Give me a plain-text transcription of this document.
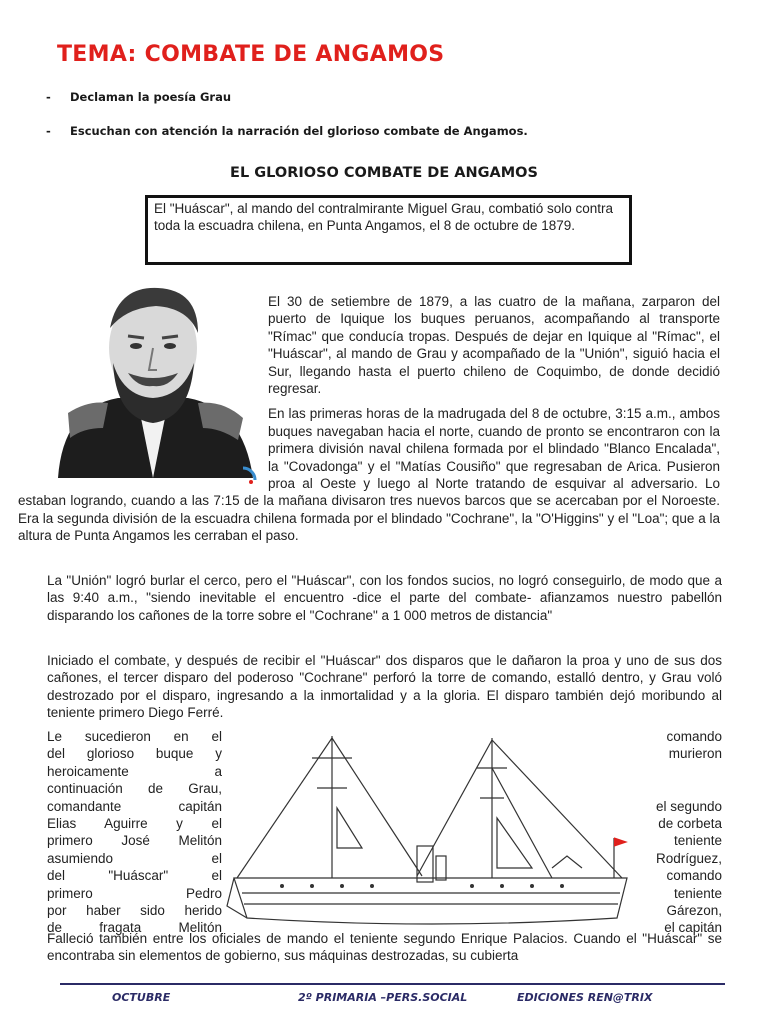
TEMA: COMBATE DE ANGAMOS
- Declaman la poesía Grau
- Escuchan con atención la narración del glorioso combate de Angamos.
EL GLORIOSO COMBATE DE ANGAMOS
El "Huáscar", al mando del contralmirante Miguel Grau, combatió solo contra toda la escuadra chilena, en Punta Angamos, el 8 de octubre de 1879.

El 30 de setiembre de 1879, a las cuatro de la mañana, zarparon del puerto de Iquique los buques peruanos, acompañando al transporte "Rímac" que conducía tropas. Después de dejar en Iquique al "Rímac", el "Huáscar", al mando de Grau y acompañado de la "Unión", siguió hacia el Sur, llegando hasta el puerto chileno de Coquimbo, de donde decidió regresar.

En las primeras horas de la madrugada del 8 de octubre, 3:15 a.m., ambos buques navegaban hacia el norte, cuando de pronto se encontraron con la primera división naval chilena formada por el blindado "Blanco Encalada", la "Covadonga" y el "Matías Cousiño" que regresaban de Arica. Pusieron proa al Oeste y luego al Norte tratando de esquivar al adversario. Lo estaban logrando, cuando a las 7:15 de la mañana divisaron tres nuevos barcos que se acercaban por el Noroeste. Era la segunda división de la escuadra chilena formada por el blindado "Cochrane", la "O'Higgins" y el "Loa"; que a la altura de Punta Angamos les cerraban el paso.

La "Unión" logró burlar el cerco, pero el "Huáscar", con los fondos sucios, no logró conseguirlo, de modo que a las 9:40 a.m., "siendo inevitable el encuentro -dice el parte del combate- afianzamos nuestro pabellón disparando los cañones de la torre sobre el "Cochrane" a 1 000 metros de distancia"

Iniciado el combate, y después de recibir el "Huáscar" dos disparos que le dañaron la proa y uno de sus dos cañones, el tercer disparo del poderoso "Cochrane" perforó la torre de comando, estalló dentro, y Grau voló destrozado por el disparo, ingresando a la inmortalidad y a la gloria. El disparo también dejó moribundo al teniente primero Diego Ferré.

Le sucedieron en el
del glorioso buque y
heroicamente a
continuación de Grau,
comandante capitán
Elias Aguirre y el
primero José Melitón
asumiendo el
del "Huáscar" el
primero Pedro
por haber sido herido
de fragata Melitón
comando
murieron
el segundo
de corbeta
teniente
Rodríguez,
comando
teniente
Gárezon,
el capitán

Falleció también entre los oficiales de mando el teniente segundo Enrique Palacios. Cuando el "Huáscar" se encontraba sin elementos de gobierno, sus máquinas destrozadas, su cubierta

OCTUBRE	2º PRIMARIA –PERS.SOCIAL	EDICIONES REN@TRIX
